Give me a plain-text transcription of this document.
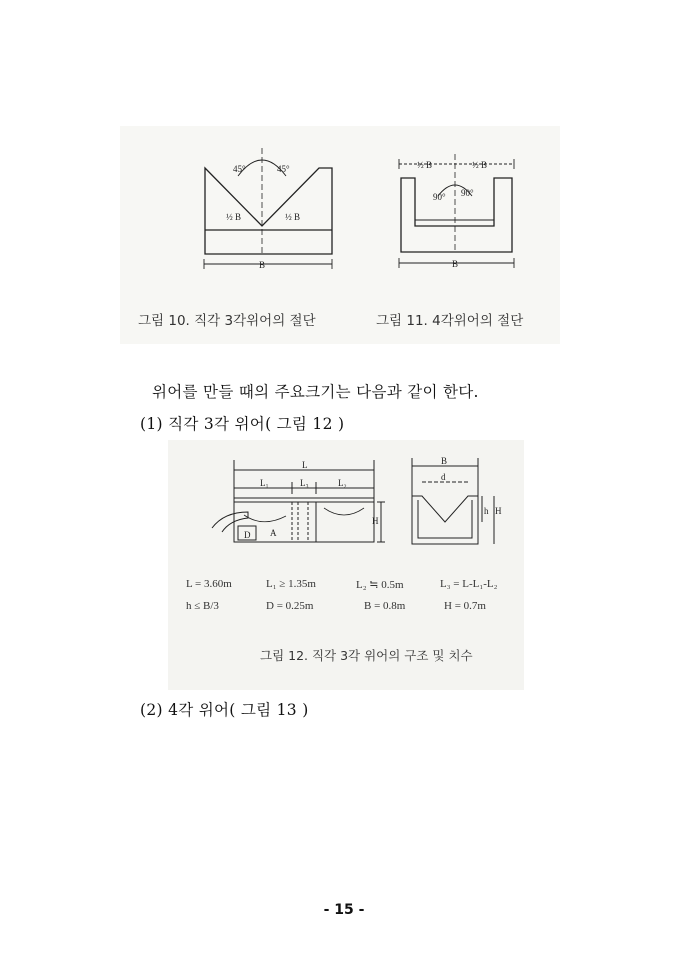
45°	45°
½ B	½ B
B
½ B	½ B
90° 90°
B
그림 10. 직각 3각위어의 절단	그림 11. 4각위어의 절단
위어를 만들 때의 주요크기는 다음과 같이 한다.
(1) 직각 3각 위어( 그림 12 )
L
L₁	L₃	L₂
H
D A
B
d
h H
L = 3.60m	L₁ ≥ 1.35m	L₂ ≒ 0.5m	L₃ = L-L₁-L₂
h ≤ B/3	D = 0.25m	B = 0.8m	H = 0.7m
그림 12. 직각 3각 위어의 구조 및 치수
(2) 4각 위어( 그림 13 )
- 15 -
